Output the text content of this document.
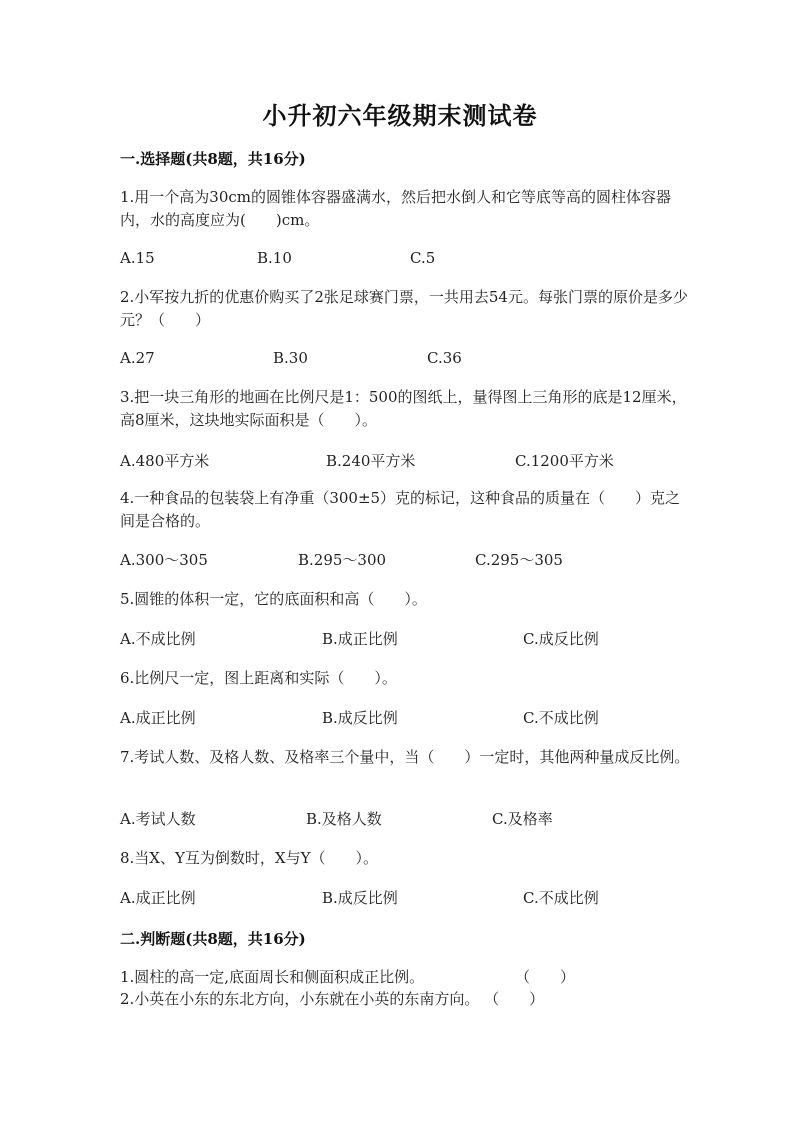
小升初六年级期末测试卷
一.选择题(共8题，共16分)
1.用一个高为30cm的圆锥体容器盛满水，然后把水倒人和它等底等高的圆柱体容器内，水的高度应为(　　)cm。
A.15	B.10	C.5
2.小军按九折的优惠价购买了2张足球赛门票，一共用去54元。每张门票的原价是多少元？（　　）
A.27	B.30	C.36
3.把一块三角形的地画在比例尺是1：500的图纸上，量得图上三角形的底是12厘米，高8厘米，这块地实际面积是（　　）。
A.480平方米	B.240平方米	C.1200平方米
4.一种食品的包装袋上有净重（300±5）克的标记，这种食品的质量在（　　）克之间是合格的。
A.300～305	B.295～300	C.295～305
5.圆锥的体积一定，它的底面积和高（　　）。
A.不成比例	B.成正比例	C.成反比例
6.比例尺一定，图上距离和实际（　　）。
A.成正比例	B.成反比例	C.不成比例
7.考试人数、及格人数、及格率三个量中，当（　　）一定时，其他两种量成反比例。
A.考试人数	B.及格人数	C.及格率
8.当X、Y互为倒数时，X与Y（　　）。
A.成正比例	B.成反比例	C.不成比例
二.判断题(共8题，共16分)
1.圆柱的高一定,底面周长和侧面积成正比例。	（　　）
2.小英在小东的东北方向，小东就在小英的东南方向。 （　　）
